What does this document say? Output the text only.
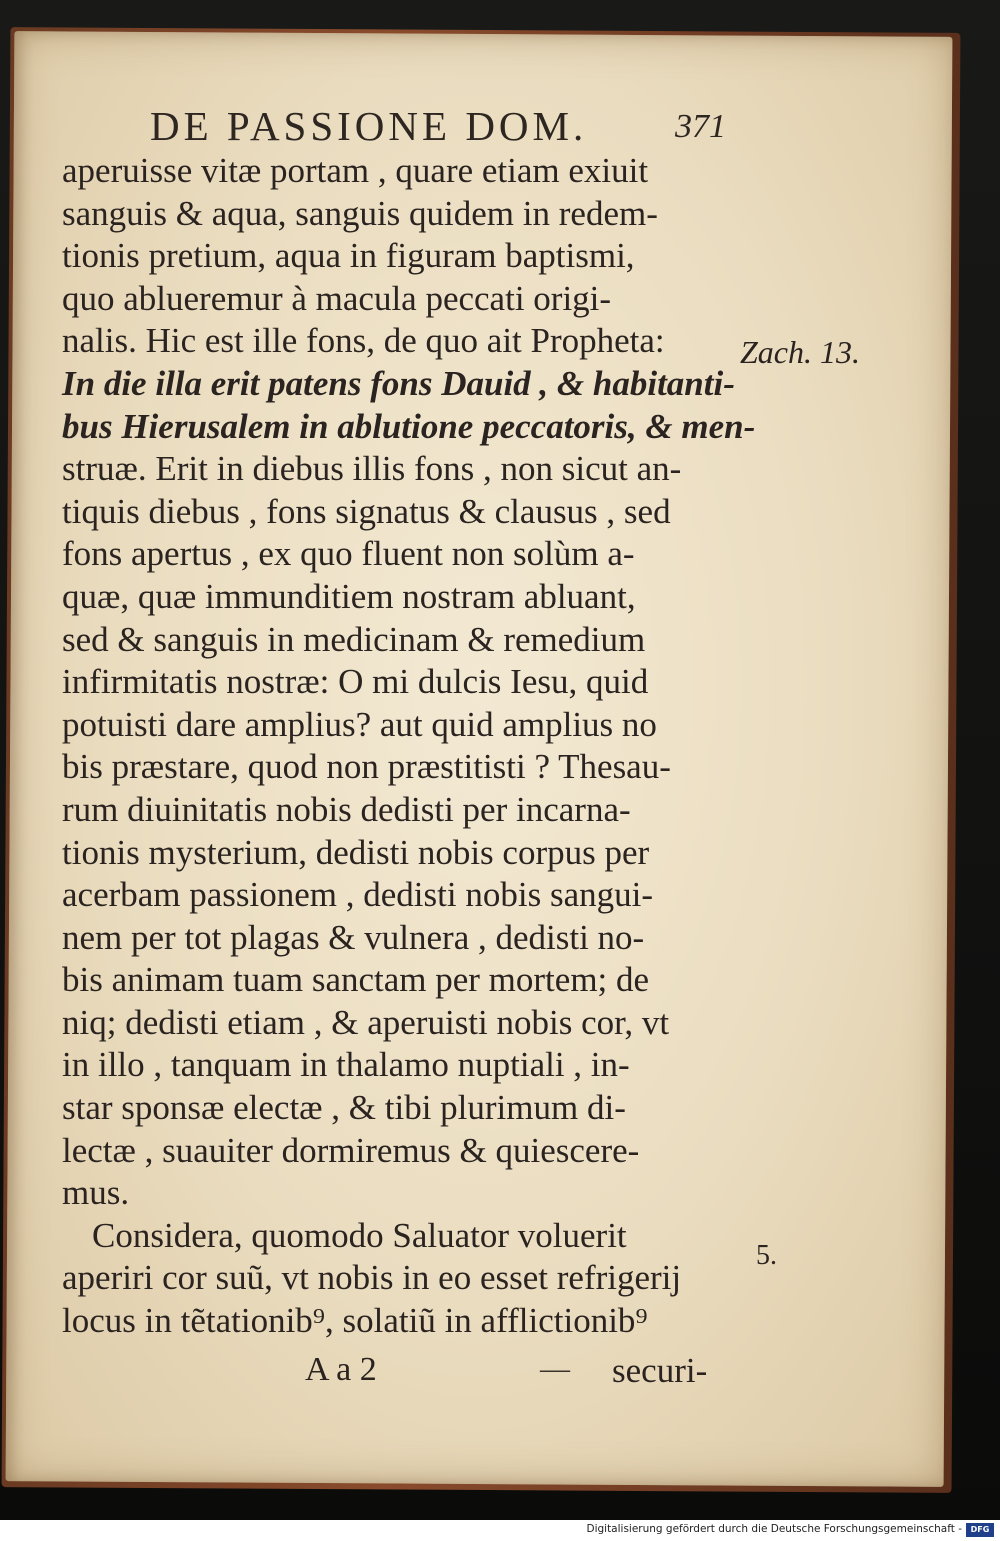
DE PASSIONE DOM.	371
aperuisse vitæ portam , quare etiam exiuit
sanguis & aqua, sanguis quidem in redem-
tionis pretium, aqua in figuram baptismi,
quo ablueremur à macula peccati origi-
nalis. Hic est ille fons, de quo ait Propheta:
In die illa erit patens fons Dauid , & habitanti-
bus Hierusalem in ablutione peccatoris, & men-
struæ. Erit in diebus illis fons , non sicut an-
tiquis diebus , fons signatus & clausus , sed
fons apertus , ex quo fluent non solùm a-
quæ, quæ immunditiem nostram abluant,
sed & sanguis in medicinam & remedium
infirmitatis nostræ: O mi dulcis Iesu, quid
potuisti dare amplius? aut quid amplius no
bis præstare, quod non præstitisti ? Thesau-
rum diuinitatis nobis dedisti per incarna-
tionis mysterium, dedisti nobis corpus per
acerbam passionem , dedisti nobis sangui-
nem per tot plagas & vulnera , dedisti no-
bis animam tuam sanctam per mortem; de
niq; dedisti etiam , & aperuisti nobis cor, vt
in illo , tanquam in thalamo nuptiali , in-
star sponsæ electæ , & tibi plurimum di-
lectæ , suauiter dormiremus & quiescere-
mus.
Considera, quomodo Saluator voluerit
aperiri cor suũ, vt nobis in eo esset refrigerij
locus in tẽtationib⁹, solatiũ in afflictionib⁹
Zach. 13.
5.
A a 2	— securi-
Digitalisierung gefördert durch die Deutsche Forschungsgemeinschaft -	DFG
